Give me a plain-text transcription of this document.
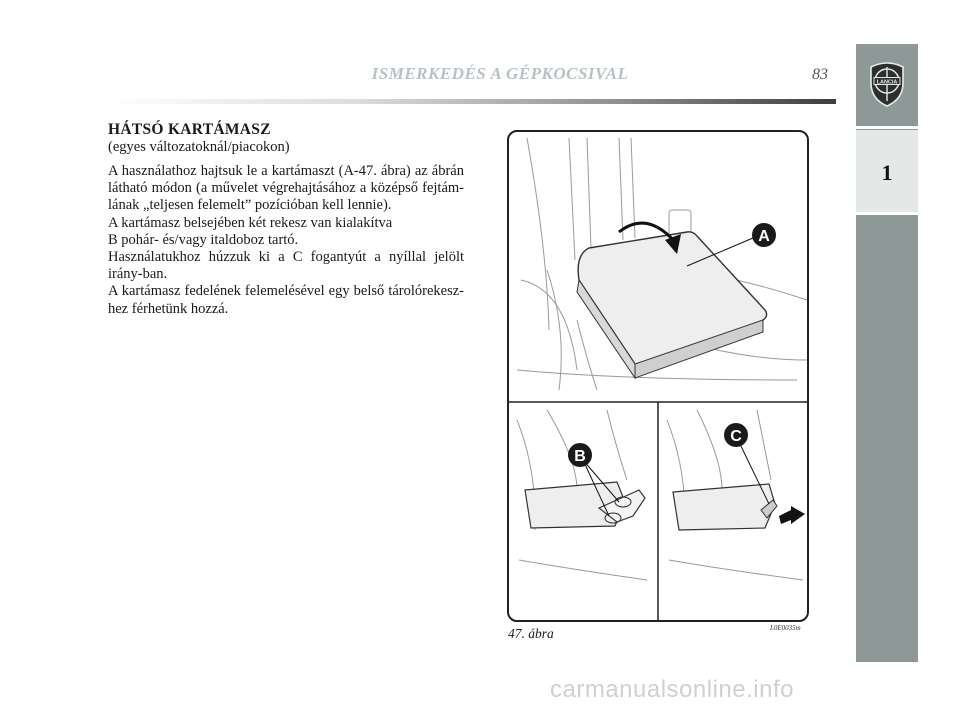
ISMERKEDÉS A GÉPKOCSIVAL	83	LANCIA
1
HÁTSÓ KARTÁMASZ
(egyes változatoknál/piacokon)

A használathoz hajtsuk le a kartámaszt (A-47. ábra) az ábrán látható módon (a művelet végrehajtásához a középső fejtám-lának „teljesen felemelt” pozícióban kell lennie).

A kartámasz belsejében két rekesz van kialakítva

B pohár- és/vagy italdoboz tartó.

Használatukhoz húzzuk ki a C fogantyút a nyíllal jelölt irány-ban.

A kartámasz fedelének felemelésével egy belső tárolórekesz-hez férhetünk hozzá.

A
B
C
47. ábra	L0E0035m
carmanualsonline.info
